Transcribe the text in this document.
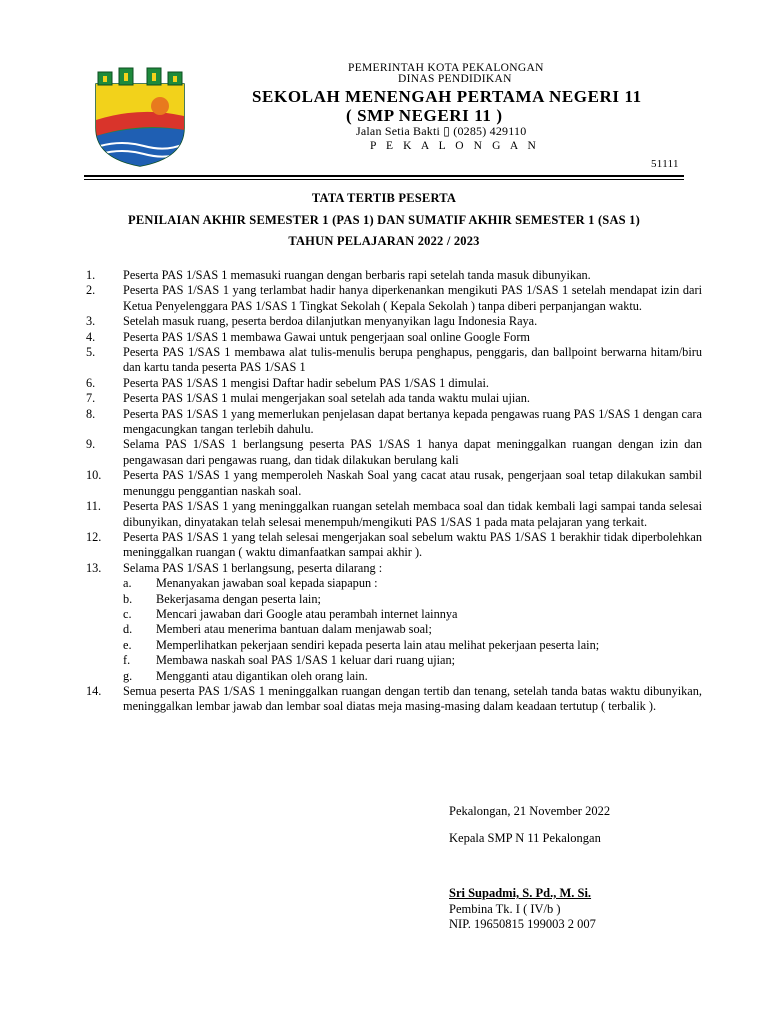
PEMERINTAH KOTA PEKALONGAN
DINAS PENDIDIKAN
SEKOLAH MENENGAH PERTAMA NEGERI 11
( SMP NEGERI 11 )
Jalan Setia Bakti ▯ (0285) 429110
P E K A L O N G A N
51111
TATA TERTIB PESERTA
PENILAIAN AKHIR SEMESTER 1 (PAS 1) DAN SUMATIF AKHIR SEMESTER 1 (SAS 1)
TAHUN PELAJARAN 2022 / 2023
1.	Peserta PAS 1/SAS 1 memasuki ruangan dengan berbaris rapi setelah tanda masuk dibunyikan.
2.	Peserta PAS 1/SAS 1 yang terlambat hadir hanya diperkenankan mengikuti PAS 1/SAS 1 setelah mendapat izin dari Ketua Penyelenggara PAS 1/SAS 1 Tingkat Sekolah ( Kepala Sekolah ) tanpa diberi perpanjangan waktu.
3.	Setelah masuk ruang, peserta berdoa dilanjutkan menyanyikan lagu Indonesia Raya.
4.	Peserta PAS 1/SAS 1 membawa Gawai untuk pengerjaan soal online Google Form
5.	Peserta PAS 1/SAS 1 membawa alat tulis-menulis berupa penghapus, penggaris, dan ballpoint berwarna hitam/biru dan kartu tanda peserta PAS 1/SAS 1
6.	Peserta PAS 1/SAS 1 mengisi Daftar hadir sebelum PAS 1/SAS 1 dimulai.
7.	Peserta PAS 1/SAS 1 mulai mengerjakan soal setelah ada tanda waktu mulai ujian.
8.	Peserta PAS 1/SAS 1 yang memerlukan penjelasan dapat bertanya kepada pengawas ruang PAS 1/SAS 1 dengan cara mengacungkan tangan terlebih dahulu.
9.	Selama PAS 1/SAS 1 berlangsung peserta PAS 1/SAS 1 hanya dapat meninggalkan ruangan dengan izin dan pengawasan dari pengawas ruang, dan tidak dilakukan berulang kali
10.	Peserta PAS 1/SAS 1 yang memperoleh Naskah Soal yang cacat atau rusak, pengerjaan soal tetap dilakukan sambil menunggu penggantian naskah soal.
11.	Peserta PAS 1/SAS 1 yang meninggalkan ruangan setelah membaca soal dan tidak kembali lagi sampai tanda selesai dibunyikan, dinyatakan telah selesai menempuh/mengikuti PAS 1/SAS 1 pada mata pelajaran yang terkait.
12.	Peserta PAS 1/SAS 1 yang telah selesai mengerjakan soal sebelum waktu PAS 1/SAS 1 berakhir tidak diperbolehkan meninggalkan ruangan ( waktu dimanfaatkan sampai akhir ).
13.	Selama PAS 1/SAS 1 berlangsung, peserta dilarang :
a.	Menanyakan jawaban soal kepada siapapun :
b.	Bekerjasama dengan peserta lain;
c.	Mencari jawaban dari Google atau perambah internet lainnya
d.	Memberi atau menerima bantuan dalam menjawab soal;
e.	Memperlihatkan pekerjaan sendiri kepada peserta lain atau melihat pekerjaan peserta lain;
f.	Membawa naskah soal PAS 1/SAS 1 keluar dari ruang ujian;
g.	Mengganti atau digantikan oleh orang lain.
14.	Semua peserta PAS 1/SAS 1 meninggalkan ruangan dengan tertib dan tenang, setelah tanda batas waktu dibunyikan, meninggalkan lembar jawab dan lembar soal diatas meja masing-masing dalam keadaan tertutup ( terbalik ).
Pekalongan, 21 November 2022
Kepala SMP N 11 Pekalongan
Sri Supadmi, S. Pd., M. Si.
Pembina Tk. I ( IV/b )
NIP. 19650815 199003 2 007
